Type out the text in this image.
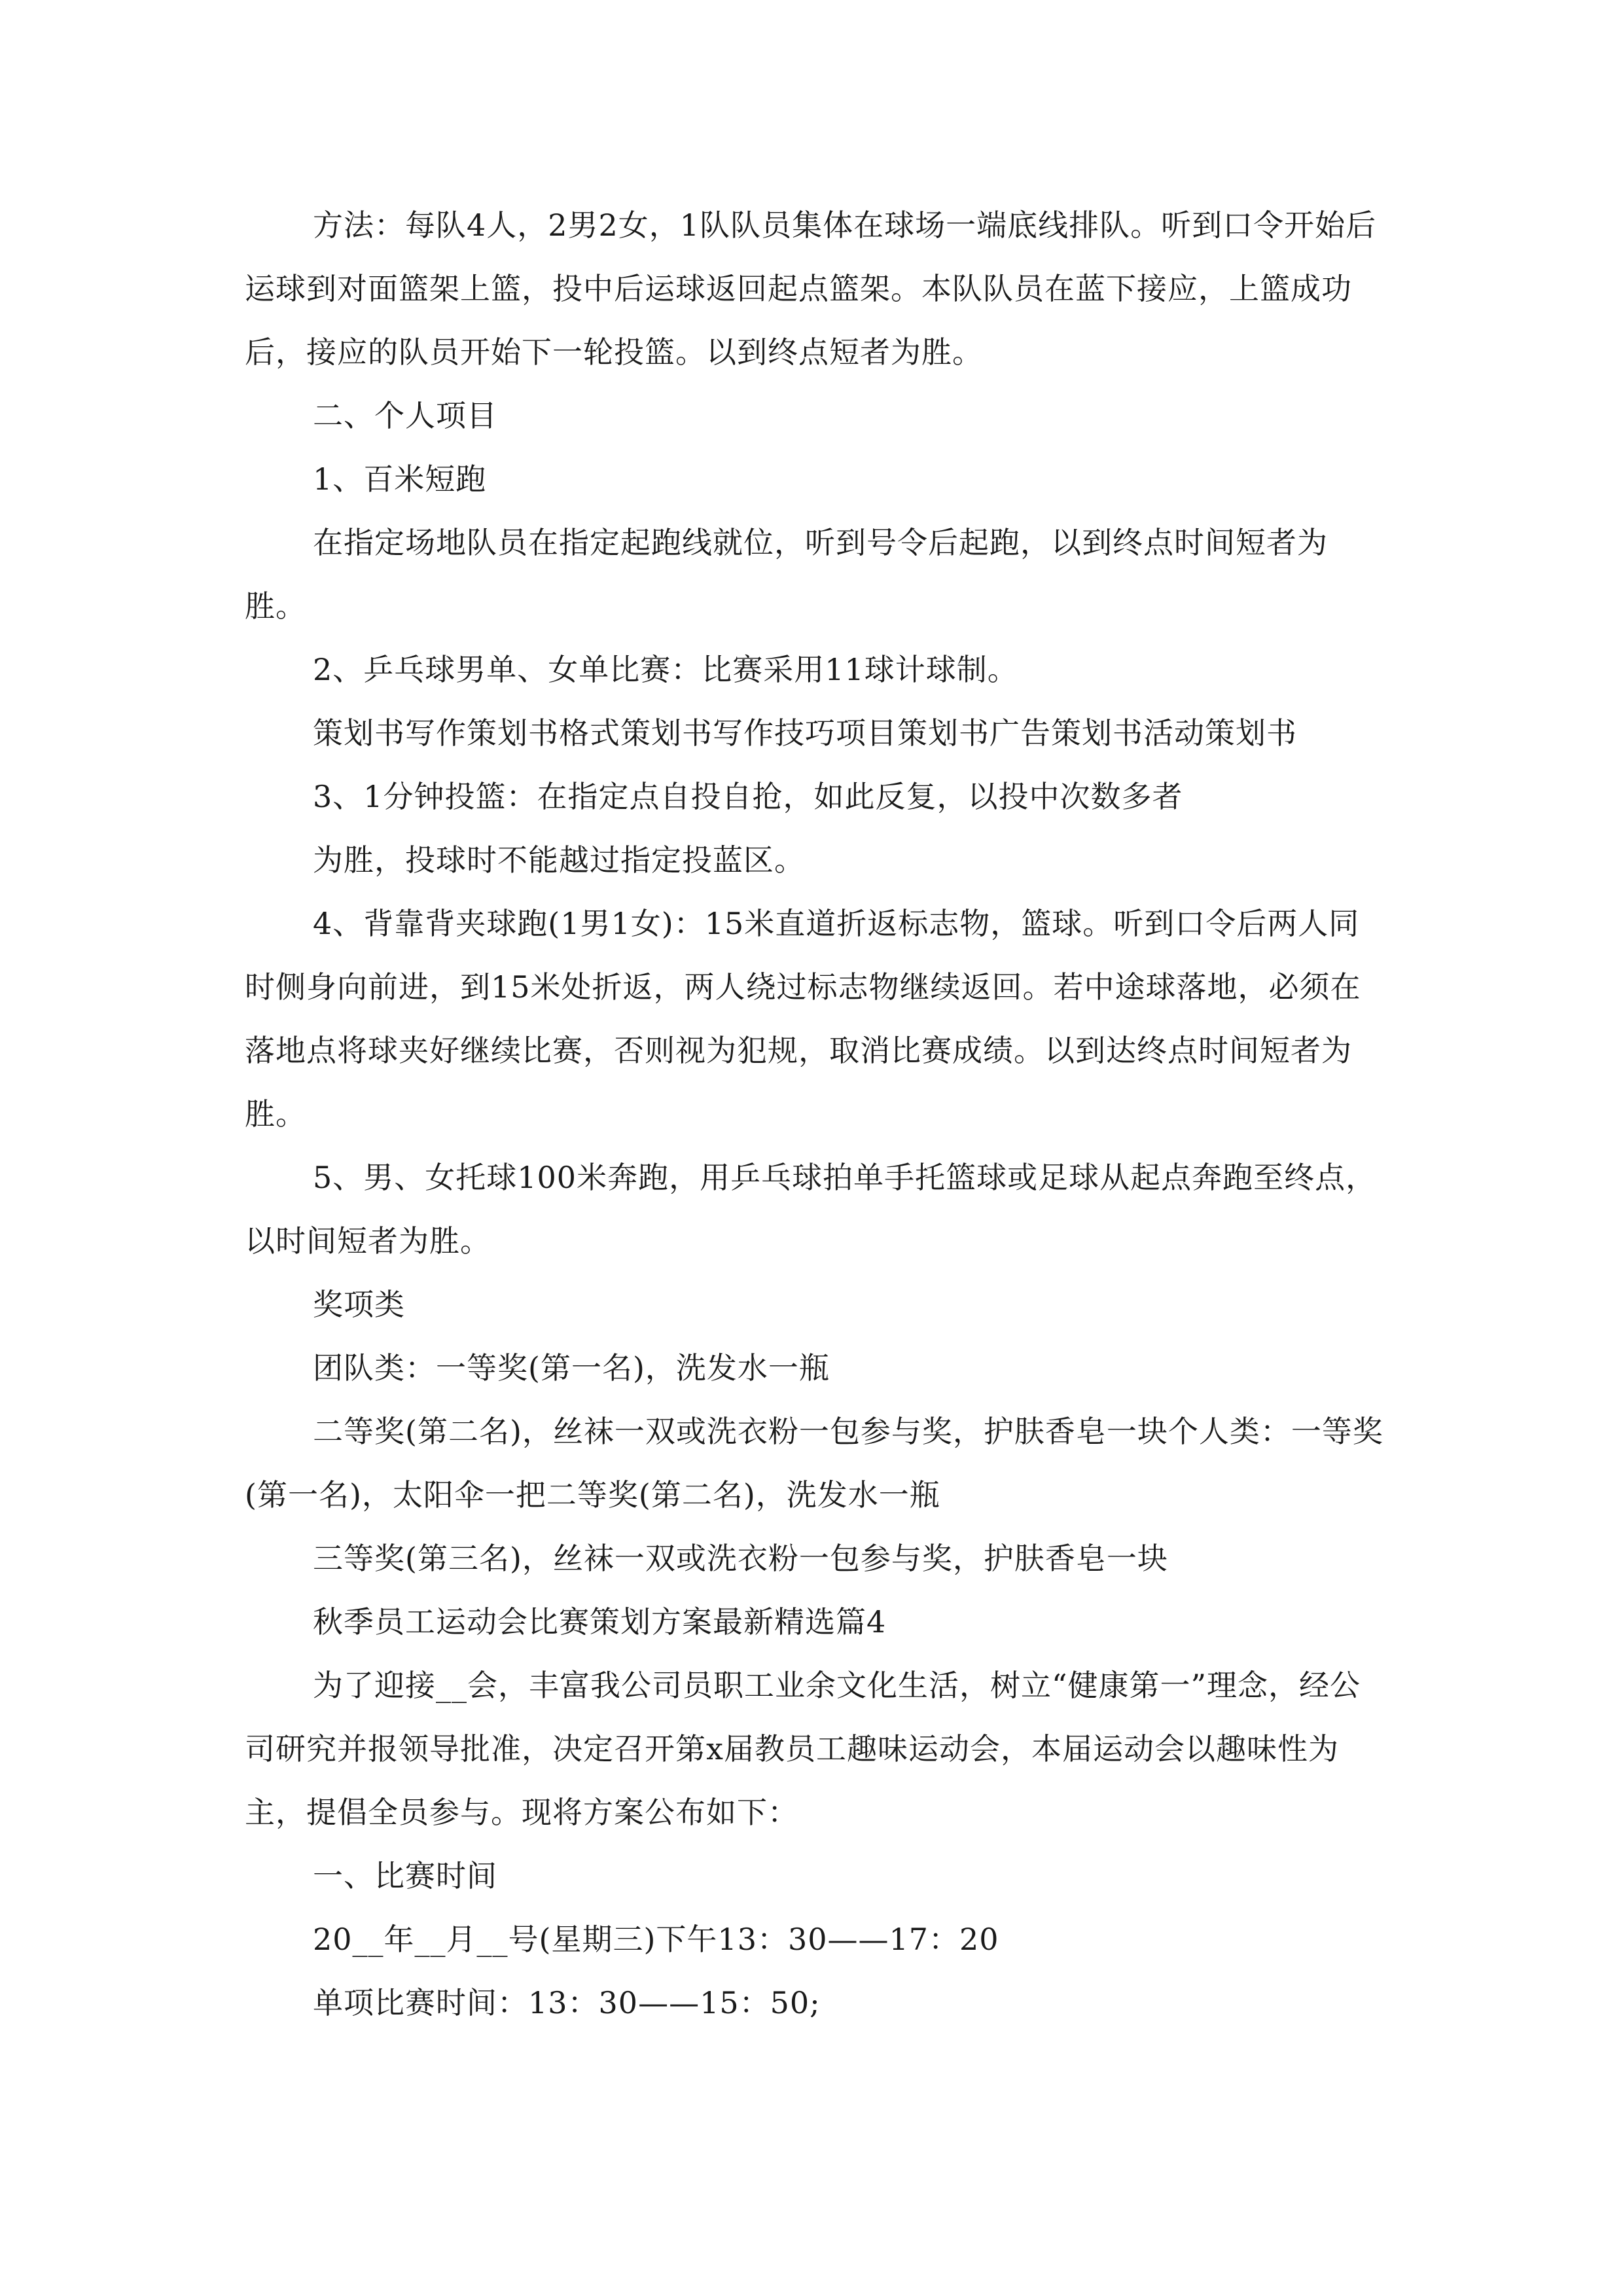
方法：每队4人，2男2女，1队队员集体在球场一端底线排队。听到口令开始后运球到对面篮架上篮，投中后运球返回起点篮架。本队队员在蓝下接应，上篮成功后，接应的队员开始下一轮投篮。以到终点短者为胜。

二、个人项目

1、百米短跑

在指定场地队员在指定起跑线就位，听到号令后起跑，以到终点时间短者为胜。

2、乒乓球男单、女单比赛：比赛采用11球计球制。

策划书写作策划书格式策划书写作技巧项目策划书广告策划书活动策划书

3、1分钟投篮：在指定点自投自抢，如此反复，以投中次数多者

为胜，投球时不能越过指定投蓝区。

4、背靠背夹球跑(1男1女)：15米直道折返标志物，篮球。听到口令后两人同时侧身向前进，到15米处折返，两人绕过标志物继续返回。若中途球落地，必须在落地点将球夹好继续比赛，否则视为犯规，取消比赛成绩。以到达终点时间短者为胜。

5、男、女托球100米奔跑，用乒乓球拍单手托篮球或足球从起点奔跑至终点，以时间短者为胜。

奖项类

团队类：一等奖(第一名)，洗发水一瓶

二等奖(第二名)，丝袜一双或洗衣粉一包参与奖，护肤香皂一块个人类：一等奖(第一名)，太阳伞一把二等奖(第二名)，洗发水一瓶

三等奖(第三名)，丝袜一双或洗衣粉一包参与奖，护肤香皂一块

秋季员工运动会比赛策划方案最新精选篇4

为了迎接__会，丰富我公司员职工业余文化生活，树立“健康第一”理念，经公司研究并报领导批准，决定召开第x届教员工趣味运动会，本届运动会以趣味性为主，提倡全员参与。现将方案公布如下：

一、比赛时间

20__年__月__号(星期三)下午13：30——17：20

单项比赛时间：13：30——15：50;
